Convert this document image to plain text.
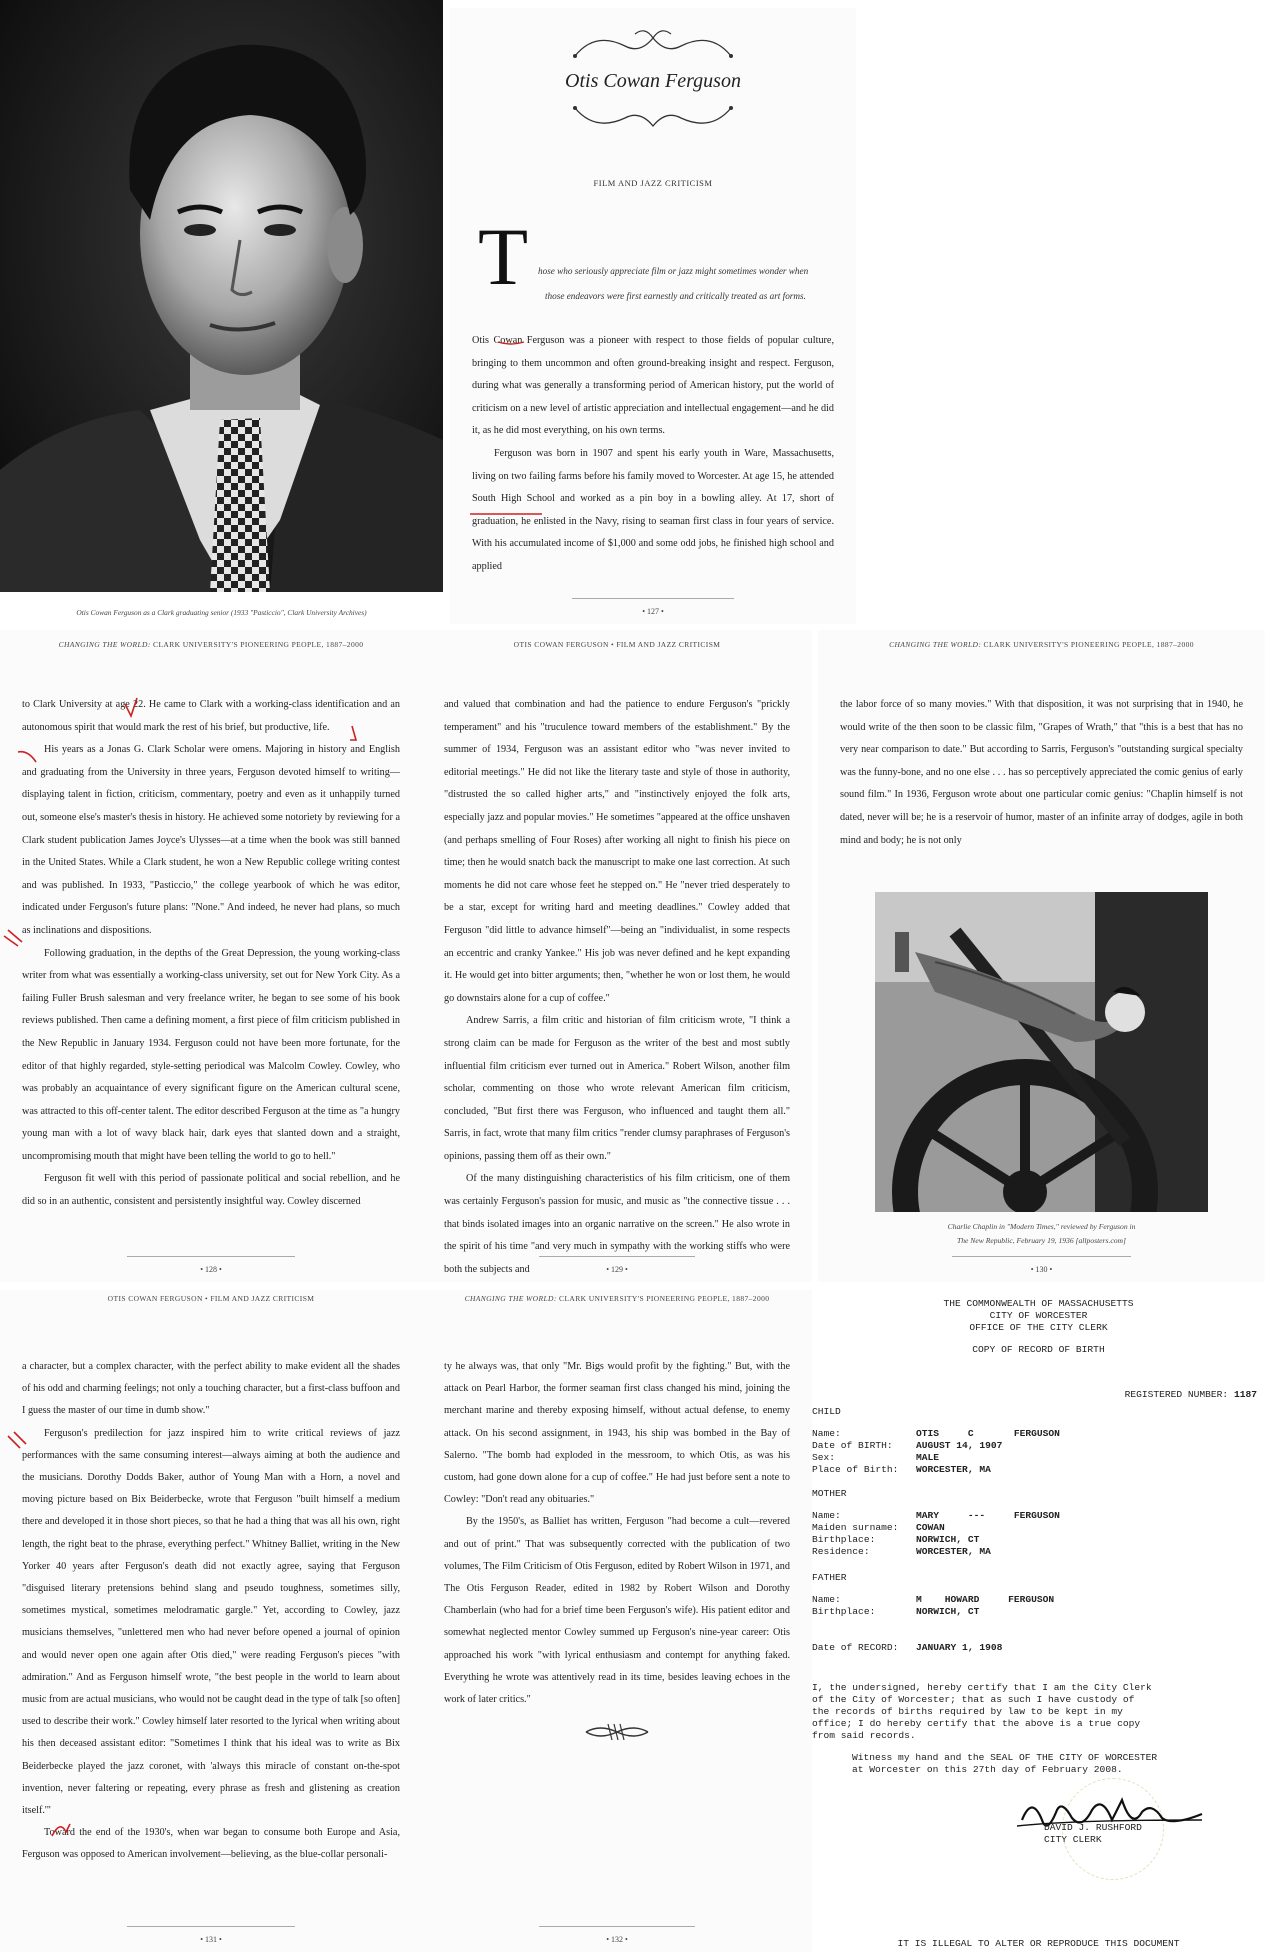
Otis Cowan Ferguson as a Clark graduating senior (1933 "Pasticcio", Clark University Archives)
Otis Cowan Ferguson
FILM AND JAZZ CRITICISM
T hose who seriously appreciate film or jazz might sometimes wonder when
those endeavors were first earnestly and critically treated as art forms.

Otis Cowan Ferguson was a pioneer with respect to those fields of popular culture, bringing to them uncommon and often ground-breaking insight and respect. Ferguson, during what was generally a transforming period of American history, put the world of criticism on a new level of artistic appreciation and intellectual engagement—and he did it, as he did most everything, on his own terms.

Ferguson was born in 1907 and spent his early youth in Ware, Massachusetts, living on two failing farms before his family moved to Worcester. At age 15, he attended South High School and worked as a pin boy in a bowling alley. At 17, short of graduation, he enlisted in the Navy, rising to seaman first class in four years of service. With his accumulated income of $1,000 and some odd jobs, he finished high school and applied

• 127 •
CHANGING THE WORLD: CLARK UNIVERSITY'S PIONEERING PEOPLE, 1887–2000

to Clark University at age 22. He came to Clark with a working-class identification and an autonomous spirit that would mark the rest of his brief, but productive, life.

His years as a Jonas G. Clark Scholar were omens. Majoring in history and English and graduating from the University in three years, Ferguson devoted himself to writing—displaying talent in fiction, criticism, commentary, poetry and even as it unhappily turned out, someone else's master's thesis in history. He achieved some notoriety by reviewing for a Clark student publication James Joyce's Ulysses—at a time when the book was still banned in the United States. While a Clark student, he won a New Republic college writing contest and was published. In 1933, "Pasticcio," the college yearbook of which he was editor, indicated under Ferguson's future plans: "None." And indeed, he never had plans, so much as inclinations and dispositions.

Following graduation, in the depths of the Great Depression, the young working-class writer from what was essentially a working-class university, set out for New York City. As a failing Fuller Brush salesman and very freelance writer, he began to see some of his book reviews published. Then came a defining moment, a first piece of film criticism published in the New Republic in January 1934. Ferguson could not have been more fortunate, for the editor of that highly regarded, style-setting periodical was Malcolm Cowley. Cowley, who was probably an acquaintance of every significant figure on the American cultural scene, was attracted to this off-center talent. The editor described Ferguson at the time as "a hungry young man with a lot of wavy black hair, dark eyes that slanted down and a straight, uncompromising mouth that might have been telling the world to go to hell."

Ferguson fit well with this period of passionate political and social rebellion, and he did so in an authentic, consistent and persistently insightful way. Cowley discerned

• 128 •
OTIS COWAN FERGUSON • FILM AND JAZZ CRITICISM

and valued that combination and had the patience to endure Ferguson's "prickly temperament" and his "truculence toward members of the establishment." By the summer of 1934, Ferguson was an assistant editor who "was never invited to editorial meetings." He did not like the literary taste and style of those in authority, "distrusted the so called higher arts," and "instinctively enjoyed the folk arts, especially jazz and popular movies." He sometimes "appeared at the office unshaven (and perhaps smelling of Four Roses) after working all night to finish his piece on time; then he would snatch back the manuscript to make one last correction. At such moments he did not care whose feet he stepped on." He "never tried desperately to be a star, except for writing hard and meeting deadlines." Cowley added that Ferguson "did little to advance himself"—being an "individualist, in some respects an eccentric and cranky Yankee." His job was never defined and he kept expanding it. He would get into bitter arguments; then, "whether he won or lost them, he would go downstairs alone for a cup of coffee."

Andrew Sarris, a film critic and historian of film criticism wrote, "I think a strong claim can be made for Ferguson as the writer of the best and most subtly influential film criticism ever turned out in America." Robert Wilson, another film scholar, commenting on those who wrote relevant American film criticism, concluded, "But first there was Ferguson, who influenced and taught them all." Sarris, in fact, wrote that many film critics "render clumsy paraphrases of Ferguson's opinions, passing them off as their own."

Of the many distinguishing characteristics of his film criticism, one of them was certainly Ferguson's passion for music, and music as "the connective tissue . . . that binds isolated images into an organic narrative on the screen." He also wrote in the spirit of his time "and very much in sympathy with the working stiffs who were both the subjects and	• 129 •
CHANGING THE WORLD: CLARK UNIVERSITY'S PIONEERING PEOPLE, 1887–2000

the labor force of so many movies." With that disposition, it was not surprising that in 1940, he would write of the then soon to be classic film, "Grapes of Wrath," that "this is a best that has no very near comparison to date." But according to Sarris, Ferguson's "outstanding surgical specialty was the funny-bone, and no one else . . . has so perceptively appreciated the comic genius of early sound film." In 1936, Ferguson wrote about one particular comic genius: "Chaplin himself is not dated, never will be; he is a reservoir of humor, master of an infinite array of dodges, agile in both mind and body; he is not only

Charlie Chaplin in "Modern Times," reviewed by Ferguson in
The New Republic, February 19, 1936 [allposters.com]
• 130 •
OTIS COWAN FERGUSON • FILM AND JAZZ CRITICISM

a character, but a complex character, with the perfect ability to make evident all the shades of his odd and charming feelings; not only a touching character, but a first-class buffoon and I guess the master of our time in dumb show."

Ferguson's predilection for jazz inspired him to write critical reviews of jazz performances with the same consuming interest—always aiming at both the audience and the musicians. Dorothy Dodds Baker, author of Young Man with a Horn, a novel and moving picture based on Bix Beiderbecke, wrote that Ferguson "built himself a medium there and developed it in those short pieces, so that he had a thing that was all his own, right length, the right beat to the phrase, everything perfect." Whitney Balliet, writing in the New Yorker 40 years after Ferguson's death did not exactly agree, saying that Ferguson "disguised literary pretensions behind slang and pseudo toughness, sometimes silly, sometimes mystical, sometimes melodramatic gargle." Yet, according to Cowley, jazz musicians themselves, "unlettered men who had never before opened a journal of opinion and would never open one again after Otis died," were reading Ferguson's pieces "with admiration." And as Ferguson himself wrote, "the best people in the world to learn about music from are actual musicians, who would not be caught dead in the type of talk [so often] used to describe their work." Cowley himself later resorted to the lyrical when writing about his then deceased assistant editor: "Sometimes I think that his ideal was to write as Bix Beiderbecke played the jazz coronet, with 'always this miracle of constant on-the-spot invention, never faltering or repeating, every phrase as fresh and glistening as creation itself.'"

Toward the end of the 1930's, when war began to consume both Europe and Asia, Ferguson was opposed to American involvement—believing, as the blue-collar personali-

• 131 •
CHANGING THE WORLD: CLARK UNIVERSITY'S PIONEERING PEOPLE, 1887–2000

ty he always was, that only "Mr. Bigs would profit by the fighting." But, with the attack on Pearl Harbor, the former seaman first class changed his mind, joining the merchant marine and thereby exposing himself, without actual defense, to enemy attack. On his second assignment, in 1943, his ship was bombed in the Bay of Salerno. "The bomb had exploded in the messroom, to which Otis, as was his custom, had gone down alone for a cup of coffee." He had just before sent a note to Cowley: "Don't read any obituaries."

By the 1950's, as Balliet has written, Ferguson "had become a cult—revered and out of print." That was subsequently corrected with the publication of two volumes, The Film Criticism of Otis Ferguson, edited by Robert Wilson in 1971, and The Otis Ferguson Reader, edited in 1982 by Robert Wilson and Dorothy Chamberlain (who had for a brief time been Ferguson's wife). His patient editor and somewhat neglected mentor Cowley summed up Ferguson's nine-year career: Otis approached his work "with lyrical enthusiasm and contempt for anything faked. Everything he wrote was attentively read in its time, besides leaving echoes in the work of later critics."

• 132 •
THE COMMONWEALTH OF MASSACHUSETTS
CITY OF WORCESTER
OFFICE OF THE CITY CLERK
COPY OF RECORD OF BIRTH

REGISTERED NUMBER: 1187

CHILD
Name:	OTIS     C       FERGUSON
Date of BIRTH: AUGUST 14, 1907
Sex:	MALE
Place of Birth: WORCESTER, MA
MOTHER
Name:	MARY     ---     FERGUSON
Maiden surname: COWAN
Birthplace:	NORWICH, CT
Residence:	WORCESTER, MA
FATHER
Name:	M    HOWARD     FERGUSON
Birthplace:	NORWICH, CT
Date of RECORD: JANUARY 1, 1908
I, the undersigned, hereby certify that I am the City Clerk
of the City of Worcester; that as such I have custody of
the records of births required by law to be kept in my
office; I do hereby certify that the above is a true copy
from said records.
Witness my hand and the SEAL OF THE CITY OF WORCESTER
at Worcester on this 27th day of February 2008.
DAVID J. RUSHFORD
CITY CLERK
IT IS ILLEGAL TO ALTER OR REPRODUCE THIS DOCUMENT
